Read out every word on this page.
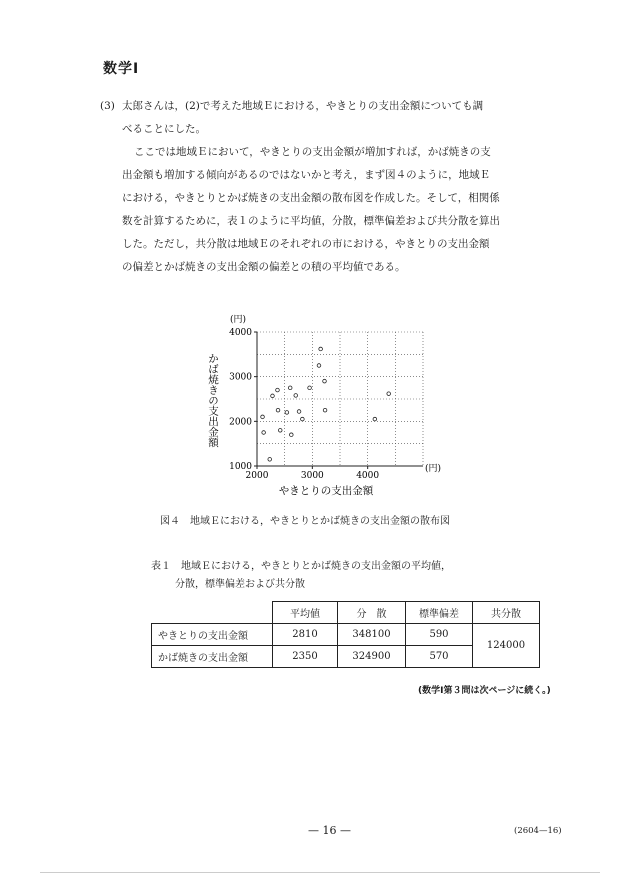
数学Ⅰ

(3) 太郎さんは，(2)で考えた地域Ｅにおける，やきとりの支出金額についても調
べることにした。

ここでは地域Ｅにおいて，やきとりの支出金額が増加すれば，かば焼きの支
出金額も増加する傾向があるのではないかと考え，まず図４のように，地域Ｅ
における，やきとりとかば焼きの支出金額の散布図を作成した。そして，相関係
数を計算するために，表１のように平均値，分散，標準偏差および共分散を算出
した。ただし，共分散は地域Ｅのそれぞれの市における，やきとりの支出金額
の偏差とかば焼きの支出金額の偏差との積の平均値である。

2000	3000	4000
1000
2000
3000
4000
(円)
(円)
やきとりの支出金額
かば焼きの支出金額
図４　地域Ｅにおける，やきとりとかば焼きの支出金額の散布図
表１　地域Ｅにおける，やきとりとかば焼きの支出金額の平均値，
分散，標準偏差および共分散
	平均値	分　散	標準偏差	共分散
やきとりの支出金額	2810	348100	590	124000
かば焼きの支出金額	2350	324900	570	
(数学Ⅰ第３問は次ページに続く。)
— 16 —	(2604—16)
